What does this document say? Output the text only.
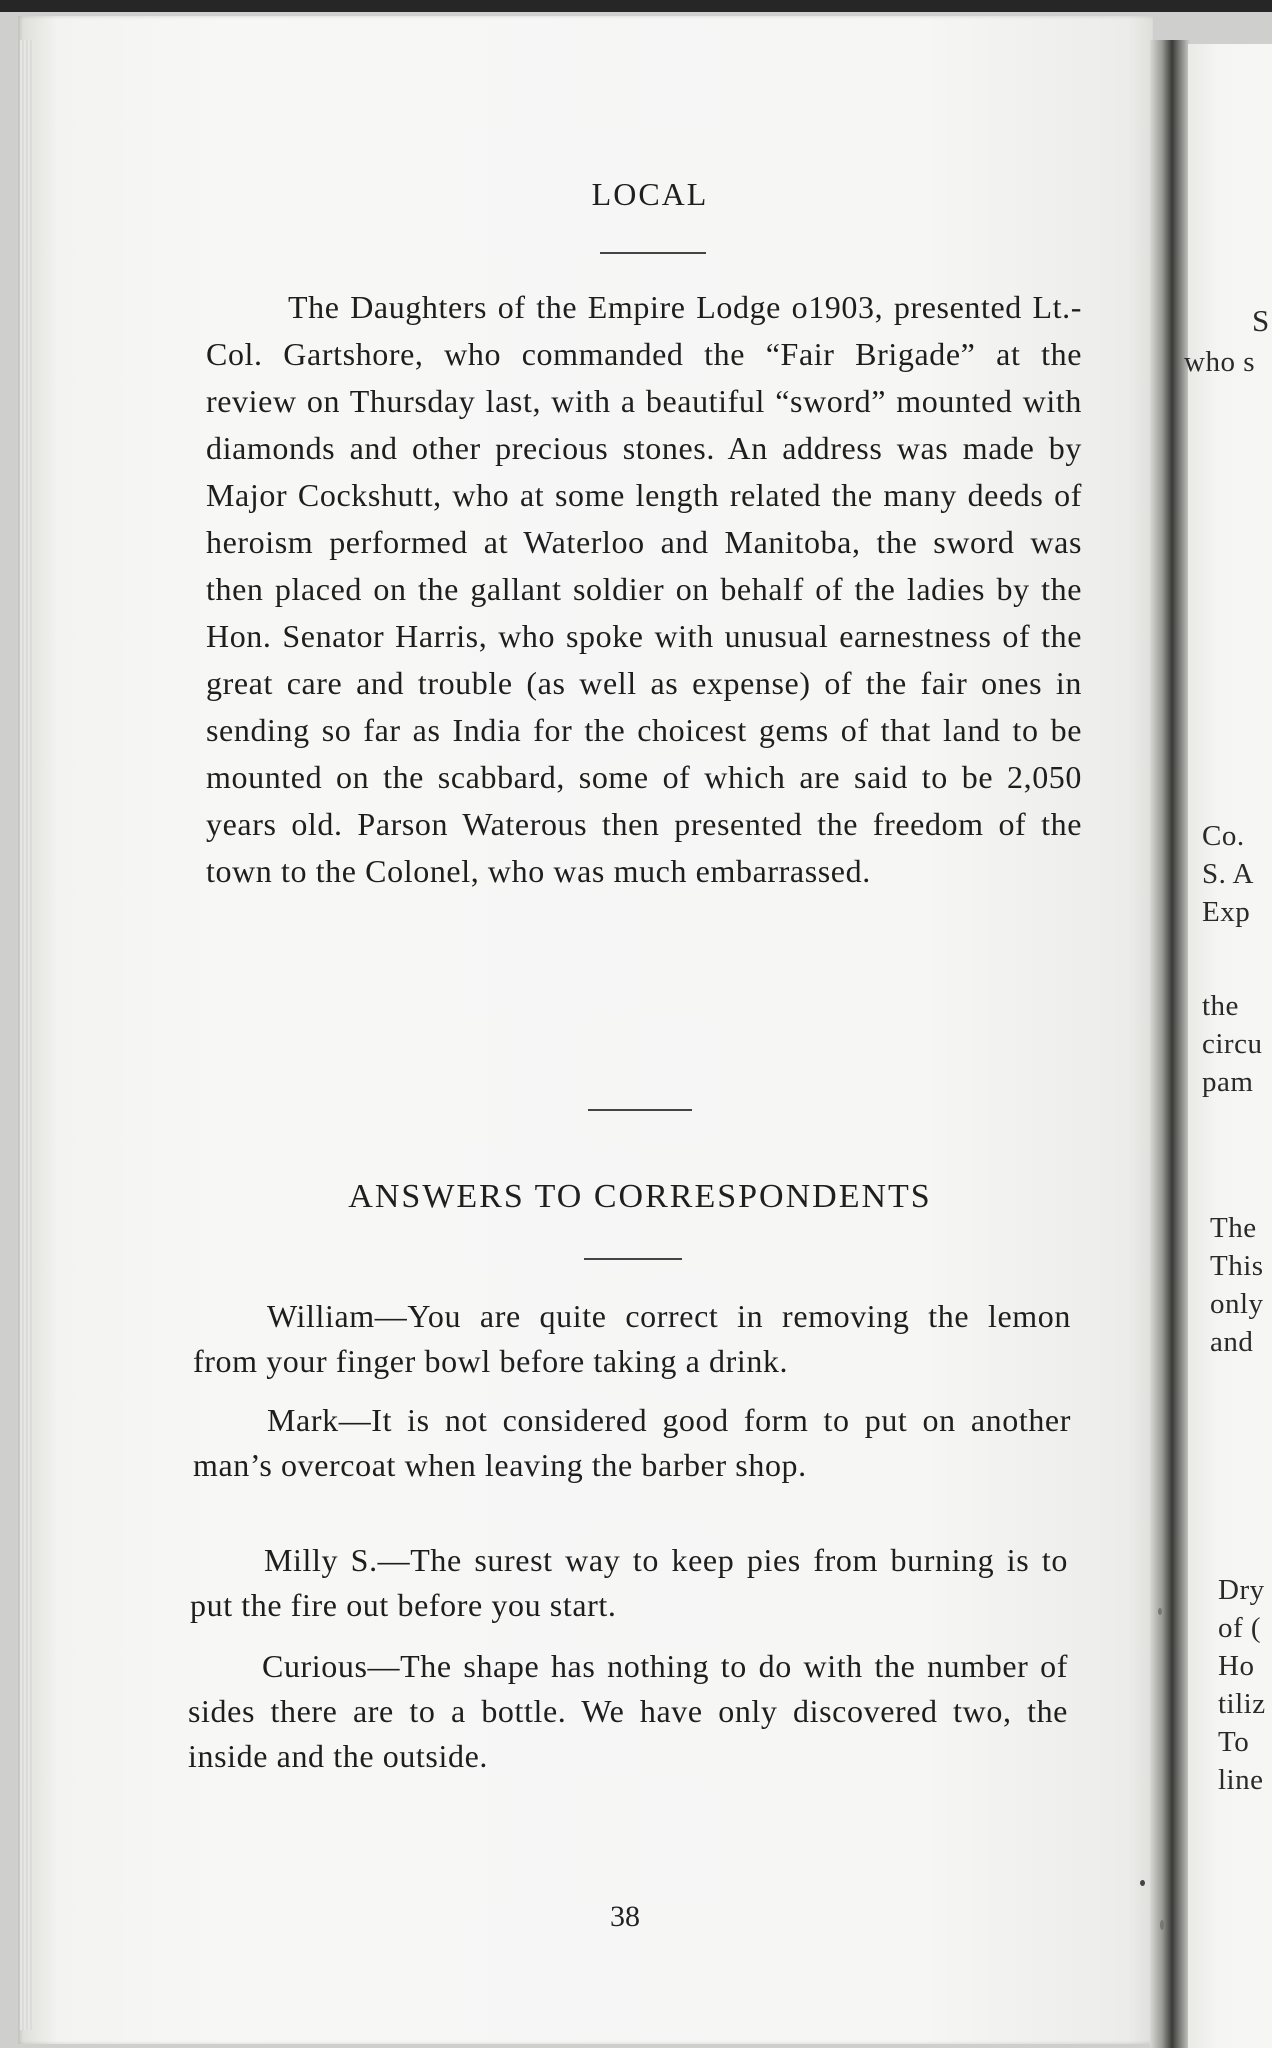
S
who s
Co.
S. A
Exp
the
circu
pam
The
This
only
and
Dry
of (
Ho
tiliz
To
line
LOCAL

The Daughters of the Empire Lodge o1903, presented Lt.-Col. Gartshore, who commanded the “Fair Brigade” at the review on Thursday last, with a beautiful “sword” mounted with diamonds and other precious stones. An address was made by Major Cockshutt, who at some length related the many deeds of heroism performed at Waterloo and Manitoba, the sword was then placed on the gallant soldier on behalf of the ladies by the Hon. Senator Harris, who spoke with unusual earnestness of the great care and trouble (as well as expense) of the fair ones in sending so far as India for the choicest gems of that land to be mounted on the scabbard, some of which are said to be 2,050 years old. Parson Waterous then presented the freedom of the town to the Colonel, who was much embarrassed.

ANSWERS TO CORRESPONDENTS

William—You are quite correct in removing the lemon from your finger bowl before taking a drink.

Mark—It is not considered good form to put on another man’s overcoat when leaving the barber shop.

Milly S.—The surest way to keep pies from burning is to put the fire out before you start.

Curious—The shape has nothing to do with the number of sides there are to a bottle. We have only discovered two, the inside and the outside.

38
